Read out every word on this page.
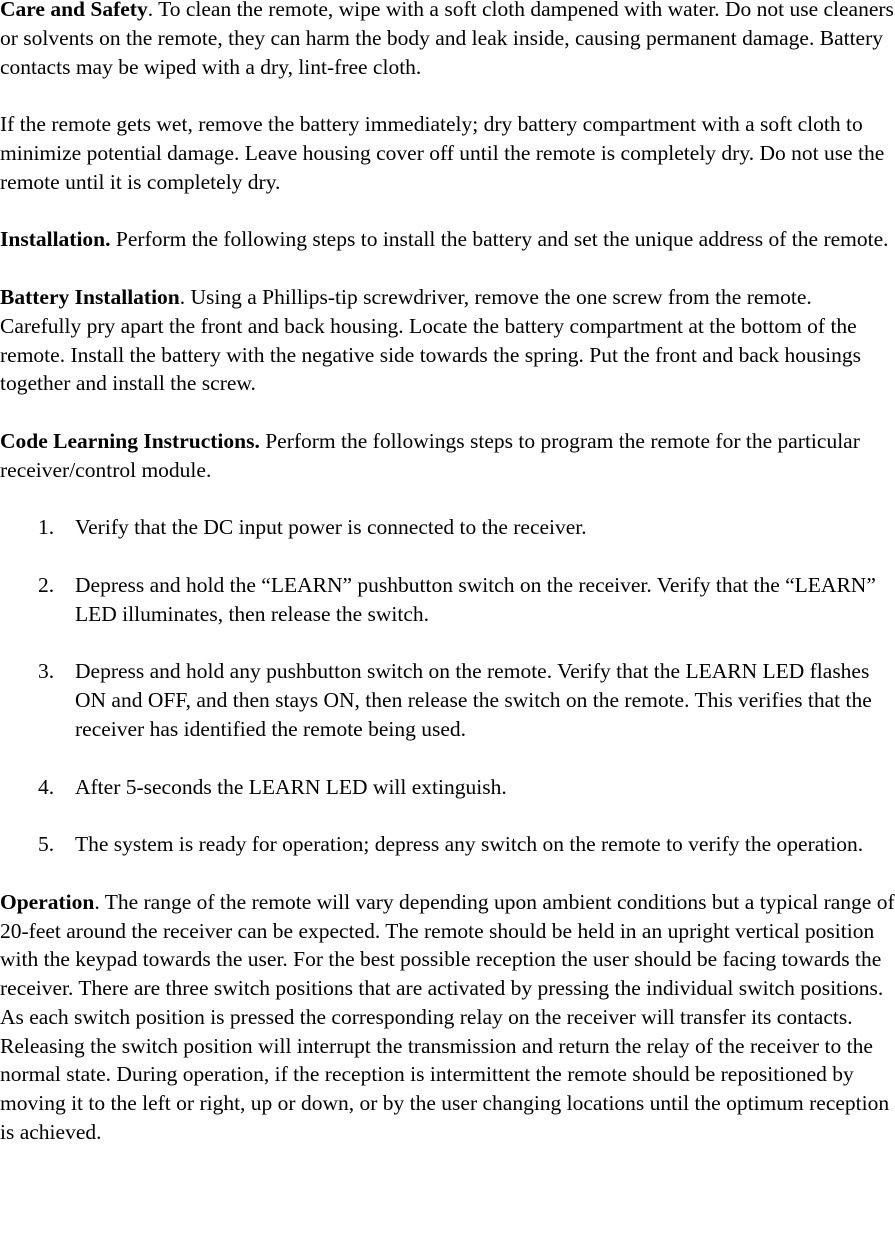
Care and Safety. To clean the remote, wipe with a soft cloth dampened with water. Do not use cleaners or solvents on the remote, they can harm the body and leak inside, causing permanent damage. Battery contacts may be wiped with a dry, lint-free cloth.

If the remote gets wet, remove the battery immediately; dry battery compartment with a soft cloth to minimize potential damage. Leave housing cover off until the remote is completely dry. Do not use the remote until it is completely dry.

Installation. Perform the following steps to install the battery and set the unique address of the remote.

Battery Installation. Using a Phillips-tip screwdriver, remove the one screw from the remote. Carefully pry apart the front and back housing. Locate the battery compartment at the bottom of the remote. Install the battery with the negative side towards the spring. Put the front and back housings together and install the screw.

Code Learning Instructions. Perform the followings steps to program the remote for the particular receiver/control module.

1. Verify that the DC input power is connected to the receiver.
2. Depress and hold the “LEARN” pushbutton switch on the receiver. Verify that the “LEARN” LED illuminates, then release the switch.
3. Depress and hold any pushbutton switch on the remote. Verify that the LEARN LED flashes ON and OFF, and then stays ON, then release the switch on the remote. This verifies that the receiver has identified the remote being used.
4. After 5-seconds the LEARN LED will extinguish.
5. The system is ready for operation; depress any switch on the remote to verify the operation.

Operation. The range of the remote will vary depending upon ambient conditions but a typical range of 20-feet around the receiver can be expected. The remote should be held in an upright vertical position with the keypad towards the user. For the best possible reception the user should be facing towards the receiver. There are three switch positions that are activated by pressing the individual switch positions. As each switch position is pressed the corresponding relay on the receiver will transfer its contacts. Releasing the switch position will interrupt the transmission and return the relay of the receiver to the normal state. During operation, if the reception is intermittent the remote should be repositioned by moving it to the left or right, up or down, or by the user changing locations until the optimum reception is achieved.
